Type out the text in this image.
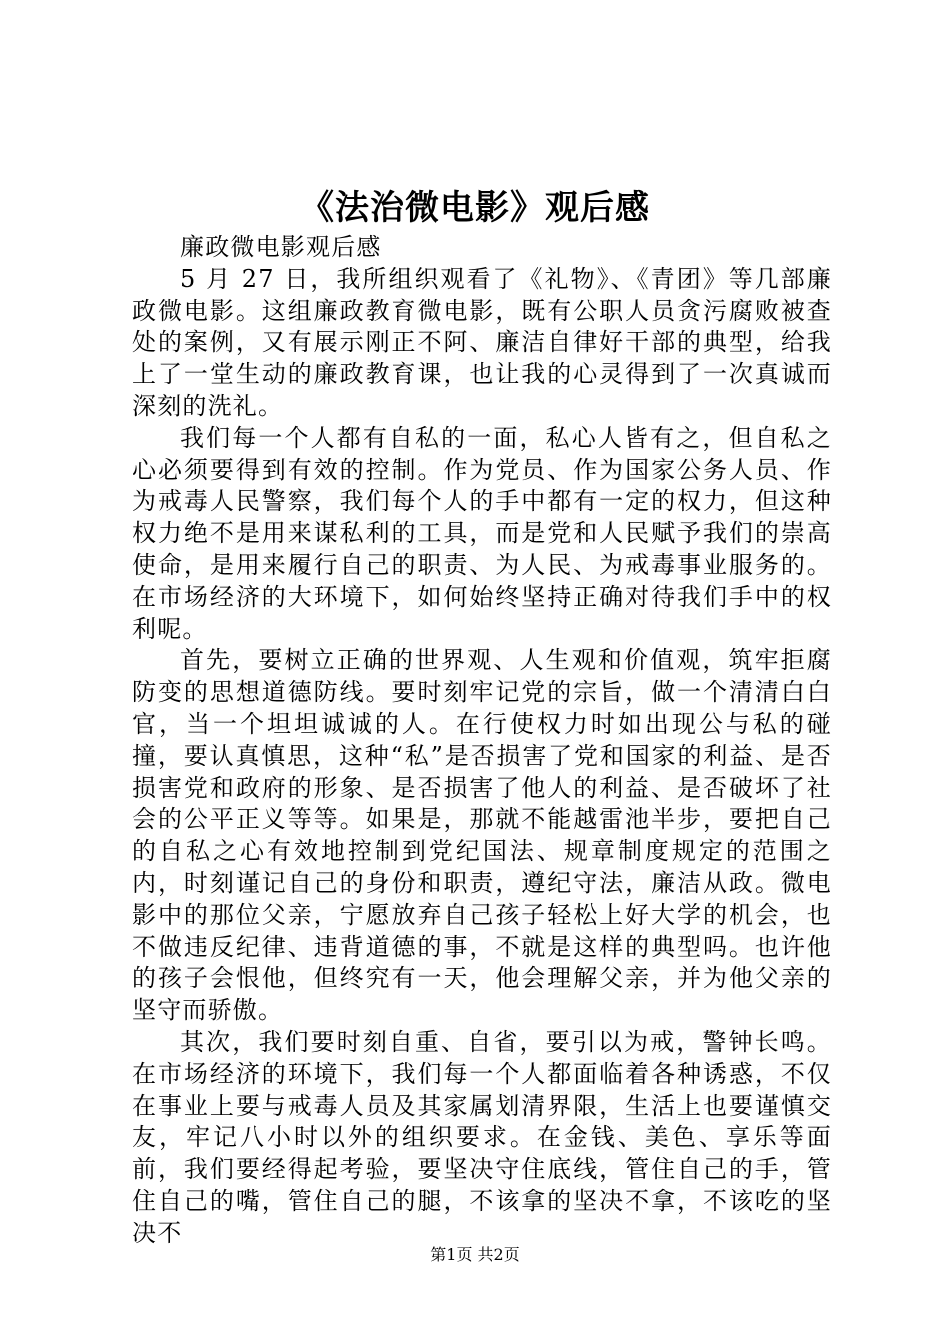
《法治微电影》观后感

廉政微电影观后感

5 月 27 日，我所组织观看了《礼物》、《青团》等几部廉政微电影。这组廉政教育微电影，既有公职人员贪污腐败被查处的案例，又有展示刚正不阿、廉洁自律好干部的典型，给我上了一堂生动的廉政教育课，也让我的心灵得到了一次真诚而深刻的洗礼。

我们每一个人都有自私的一面，私心人皆有之，但自私之心必须要得到有效的控制。作为党员、作为国家公务人员、作为戒毒人民警察，我们每个人的手中都有一定的权力，但这种权力绝不是用来谋私利的工具，而是党和人民赋予我们的崇高使命，是用来履行自己的职责、为人民、为戒毒事业服务的。在市场经济的大环境下，如何始终坚持正确对待我们手中的权利呢。

首先，要树立正确的世界观、人生观和价值观，筑牢拒腐防变的思想道德防线。要时刻牢记党的宗旨，做一个清清白白官，当一个坦坦诚诚的人。在行使权力时如出现公与私的碰撞，要认真慎思，这种“私”是否损害了党和国家的利益、是否损害党和政府的形象、是否损害了他人的利益、是否破坏了社会的公平正义等等。如果是，那就不能越雷池半步，要把自己的自私之心有效地控制到党纪国法、规章制度规定的范围之内，时刻谨记自己的身份和职责，遵纪守法，廉洁从政。微电影中的那位父亲，宁愿放弃自己孩子轻松上好大学的机会，也不做违反纪律、违背道德的事，不就是这样的典型吗。也许他的孩子会恨他，但终究有一天，他会理解父亲，并为他父亲的坚守而骄傲。

其次，我们要时刻自重、自省，要引以为戒，警钟长鸣。在市场经济的环境下，我们每一个人都面临着各种诱惑，不仅在事业上要与戒毒人员及其家属划清界限，生活上也要谨慎交友，牢记八小时以外的组织要求。在金钱、美色、享乐等面前，我们要经得起考验，要坚决守住底线，管住自己的手，管住自己的嘴，管住自己的腿，不该拿的坚决不拿，不该吃的坚决不

第1页 共2页
